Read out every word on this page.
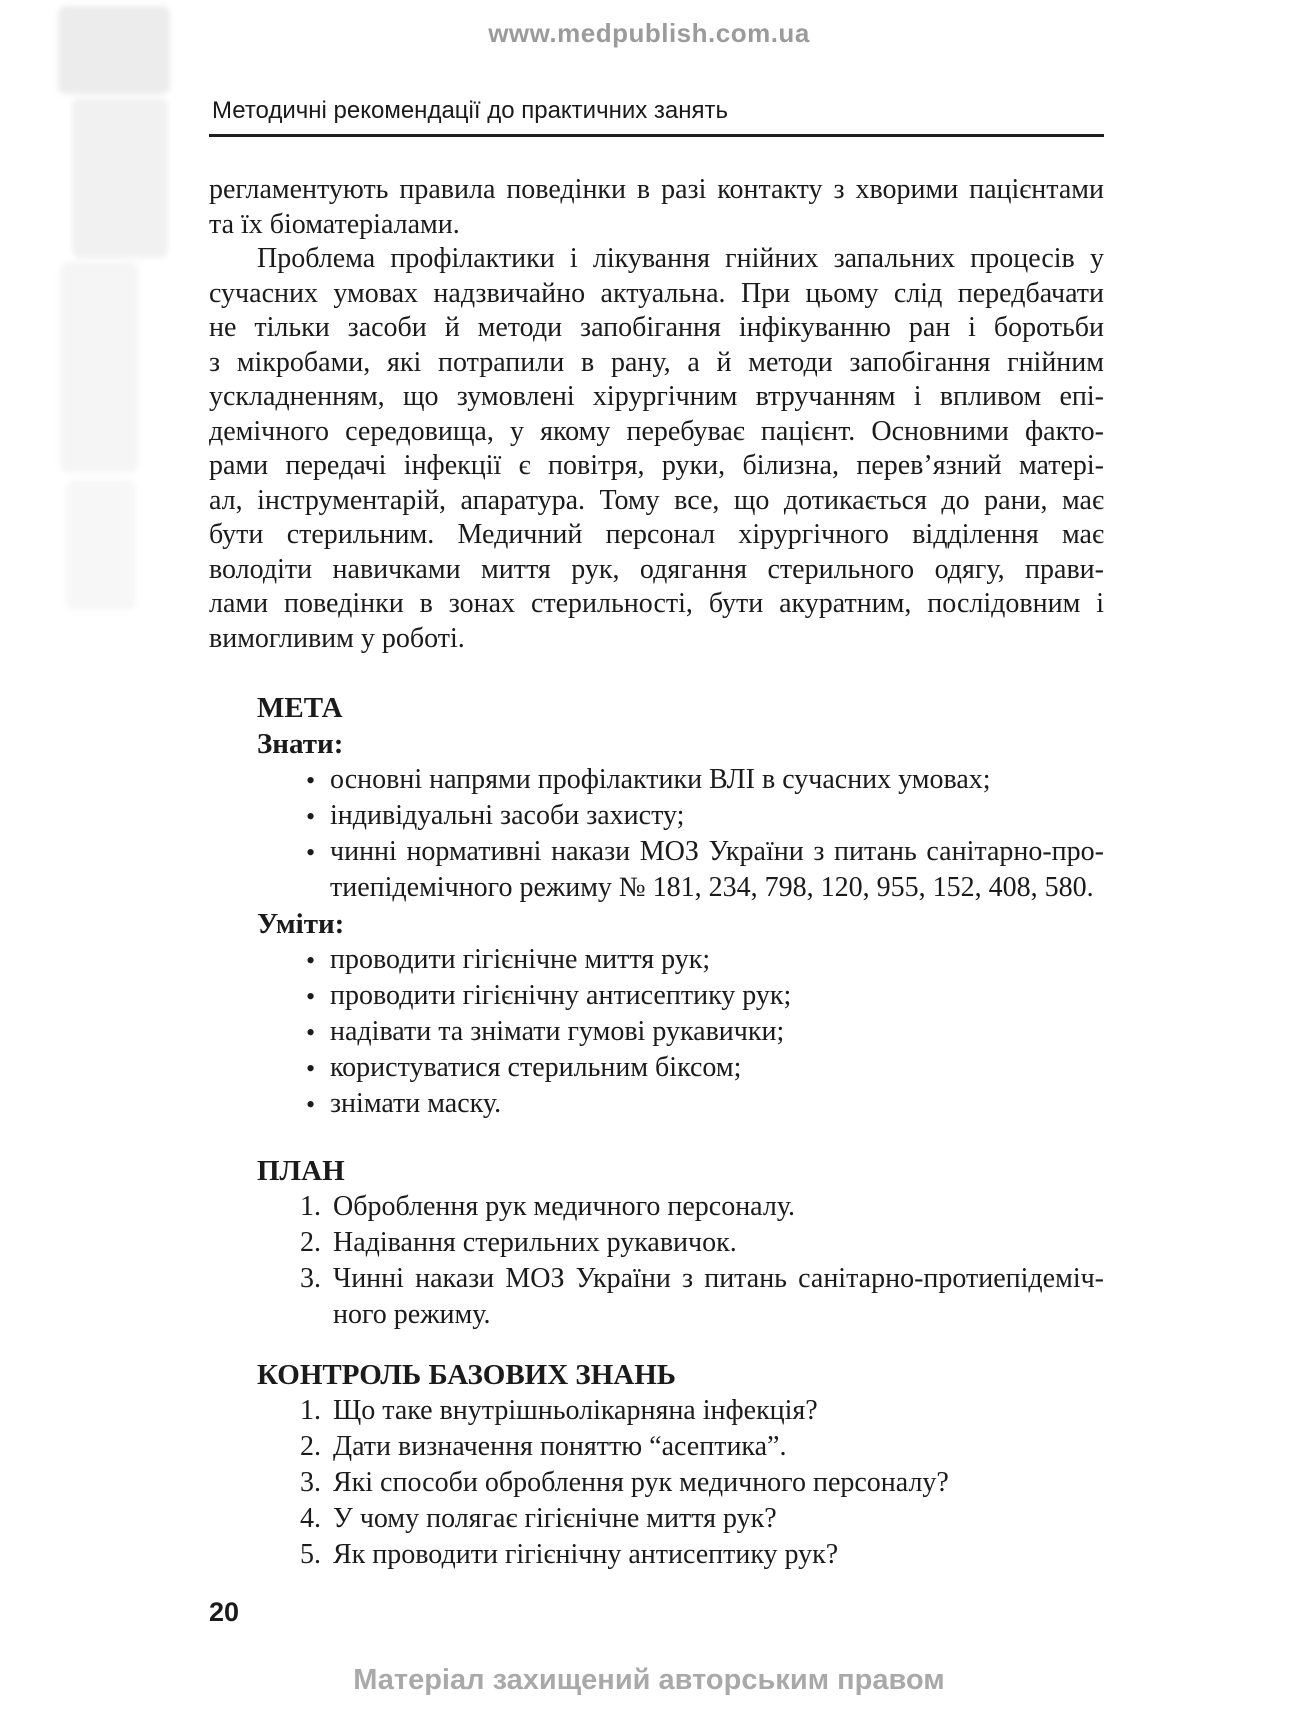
www.medpublish.com.ua
Методичні рекомендації до практичних занять
регламентують правила поведінки в разі контакту з хворими пацієнтами
та їх біоматеріалами.
Проблема профілактики і лікування гнійних запальних процесів у
сучасних умовах надзвичайно актуальна. При цьому слід передбачати
не тільки засоби й методи запобігання інфікуванню ран і боротьби
з мікробами, які потрапили в рану, а й методи запобігання гнійним
ускладненням, що зумовлені хірургічним втручанням і впливом епі-
демічного середовища, у якому перебуває пацієнт. Основними факто-
рами передачі інфекції є повітря, руки, білизна, перев’язний матері-
ал, інструментарій, апаратура. Тому все, що дотикається до рани, має
бути стерильним. Медичний персонал хірургічного відділення має
володіти навичками миття рук, одягання стерильного одягу, прави-
лами поведінки в зонах стерильності, бути акуратним, послідовним і
вимогливим у роботі.
МЕТА
Знати:
• основні напрями профілактики ВЛІ в сучасних умовах;
• індивідуальні засоби захисту;
• чинні нормативні накази МОЗ України з питань санітарно-про-
тиепідемічного режиму № 181, 234, 798, 120, 955, 152, 408, 580.
Уміти:
• проводити гігієнічне миття рук;
• проводити гігієнічну антисептику рук;
• надівати та знімати гумові рукавички;
• користуватися стерильним біксом;
• знімати маску.
ПЛАН
1. Оброблення рук медичного персоналу.
2. Надівання стерильних рукавичок.
3. Чинні накази МОЗ України з питань санітарно-протиепідеміч-
ного режиму.
КОНТРОЛЬ БАЗОВИХ ЗНАНЬ
1. Що таке внутрішньолікарняна інфекція?
2. Дати визначення поняттю “асептика”.
3. Які способи оброблення рук медичного персоналу?
4. У чому полягає гігієнічне миття рук?
5. Як проводити гігієнічну антисептику рук?
20
Матеріал захищений авторським правом
